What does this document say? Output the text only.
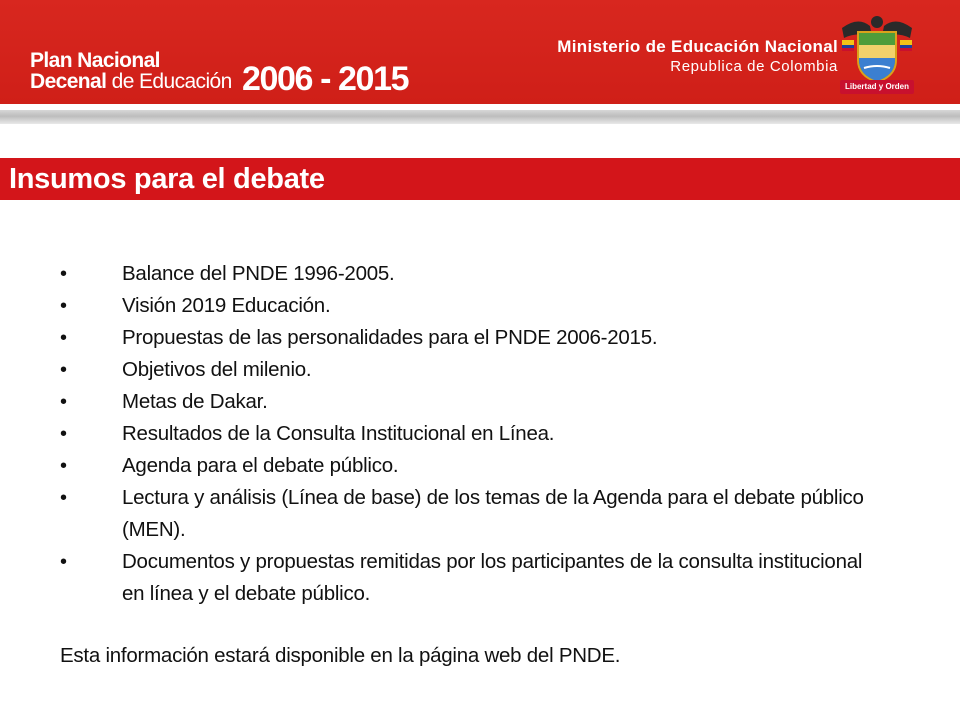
Plan Nacional
Decenal de Educación 2006 - 2015
Ministerio de Educación Nacional
Republica de Colombia
Libertad y Orden
Insumos para el debate
•	Balance del PNDE 1996-2005.
•	Visión 2019 Educación.
•	Propuestas de las personalidades para el PNDE 2006-2015.
•	Objetivos del milenio.
•	Metas de Dakar.
•	Resultados de la Consulta Institucional en Línea.
•	Agenda para el debate público.
•	Lectura y análisis (Línea de base) de los temas de la Agenda para el debate público (MEN).
•	Documentos y propuestas remitidas por los participantes de la consulta institucional en línea y el debate público.

Esta información estará disponible en la página web del PNDE.
